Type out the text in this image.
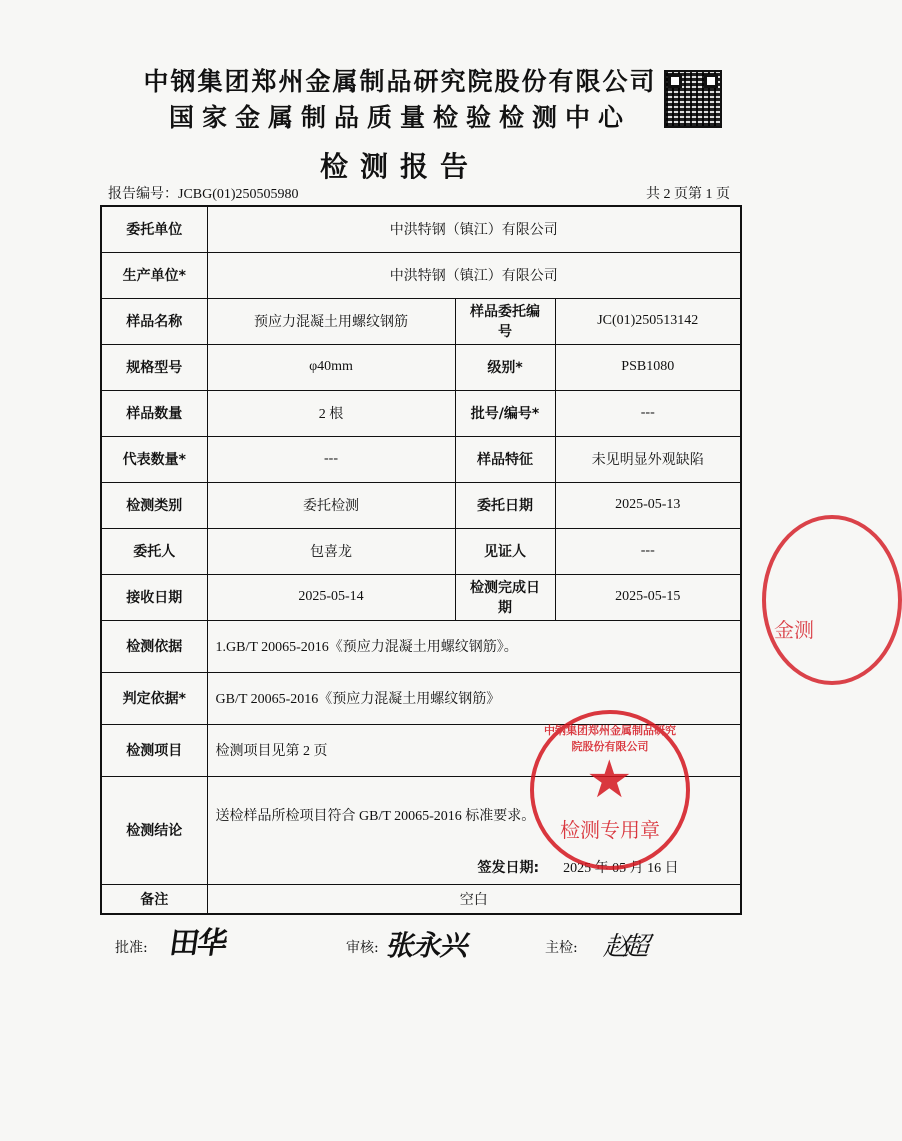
中钢集团郑州金属制品研究院股份有限公司
国家金属制品质量检验检测中心
检测报告
报告编号：JCBG(01)250505980	共 2 页第 1 页
委托单位	中洪特钢（镇江）有限公司		
生产单位*	中洪特钢（镇江）有限公司		
样品名称	预应力混凝土用螺纹钢筋	样品委托编号	JC(01)250513142
规格型号	φ40mm	级别*	PSB1080
样品数量	2 根	批号/编号*	---
代表数量*	---	样品特征	未见明显外观缺陷
检测类别	委托检测	委托日期	2025-05-13
委托人	包喜龙	见证人	---
接收日期	2025-05-14	检测完成日期	2025-05-15
检测依据	1.GB/T 20065-2016《预应力混凝土用螺纹钢筋》。		
判定依据*	GB/T 20065-2016《预应力混凝土用螺纹钢筋》		
检测项目	检测项目见第 2 页		
检测结论	送检样品所检项目符合 GB/T 20065-2016 标准要求。
签发日期: 2025 年 05 月 16 日		

备注	空白		
中钢集团郑州金属制品研究院股份有限公司
★
检测专用章
金测
批准: 田华	审核: 张永兴	主检: 赵超
